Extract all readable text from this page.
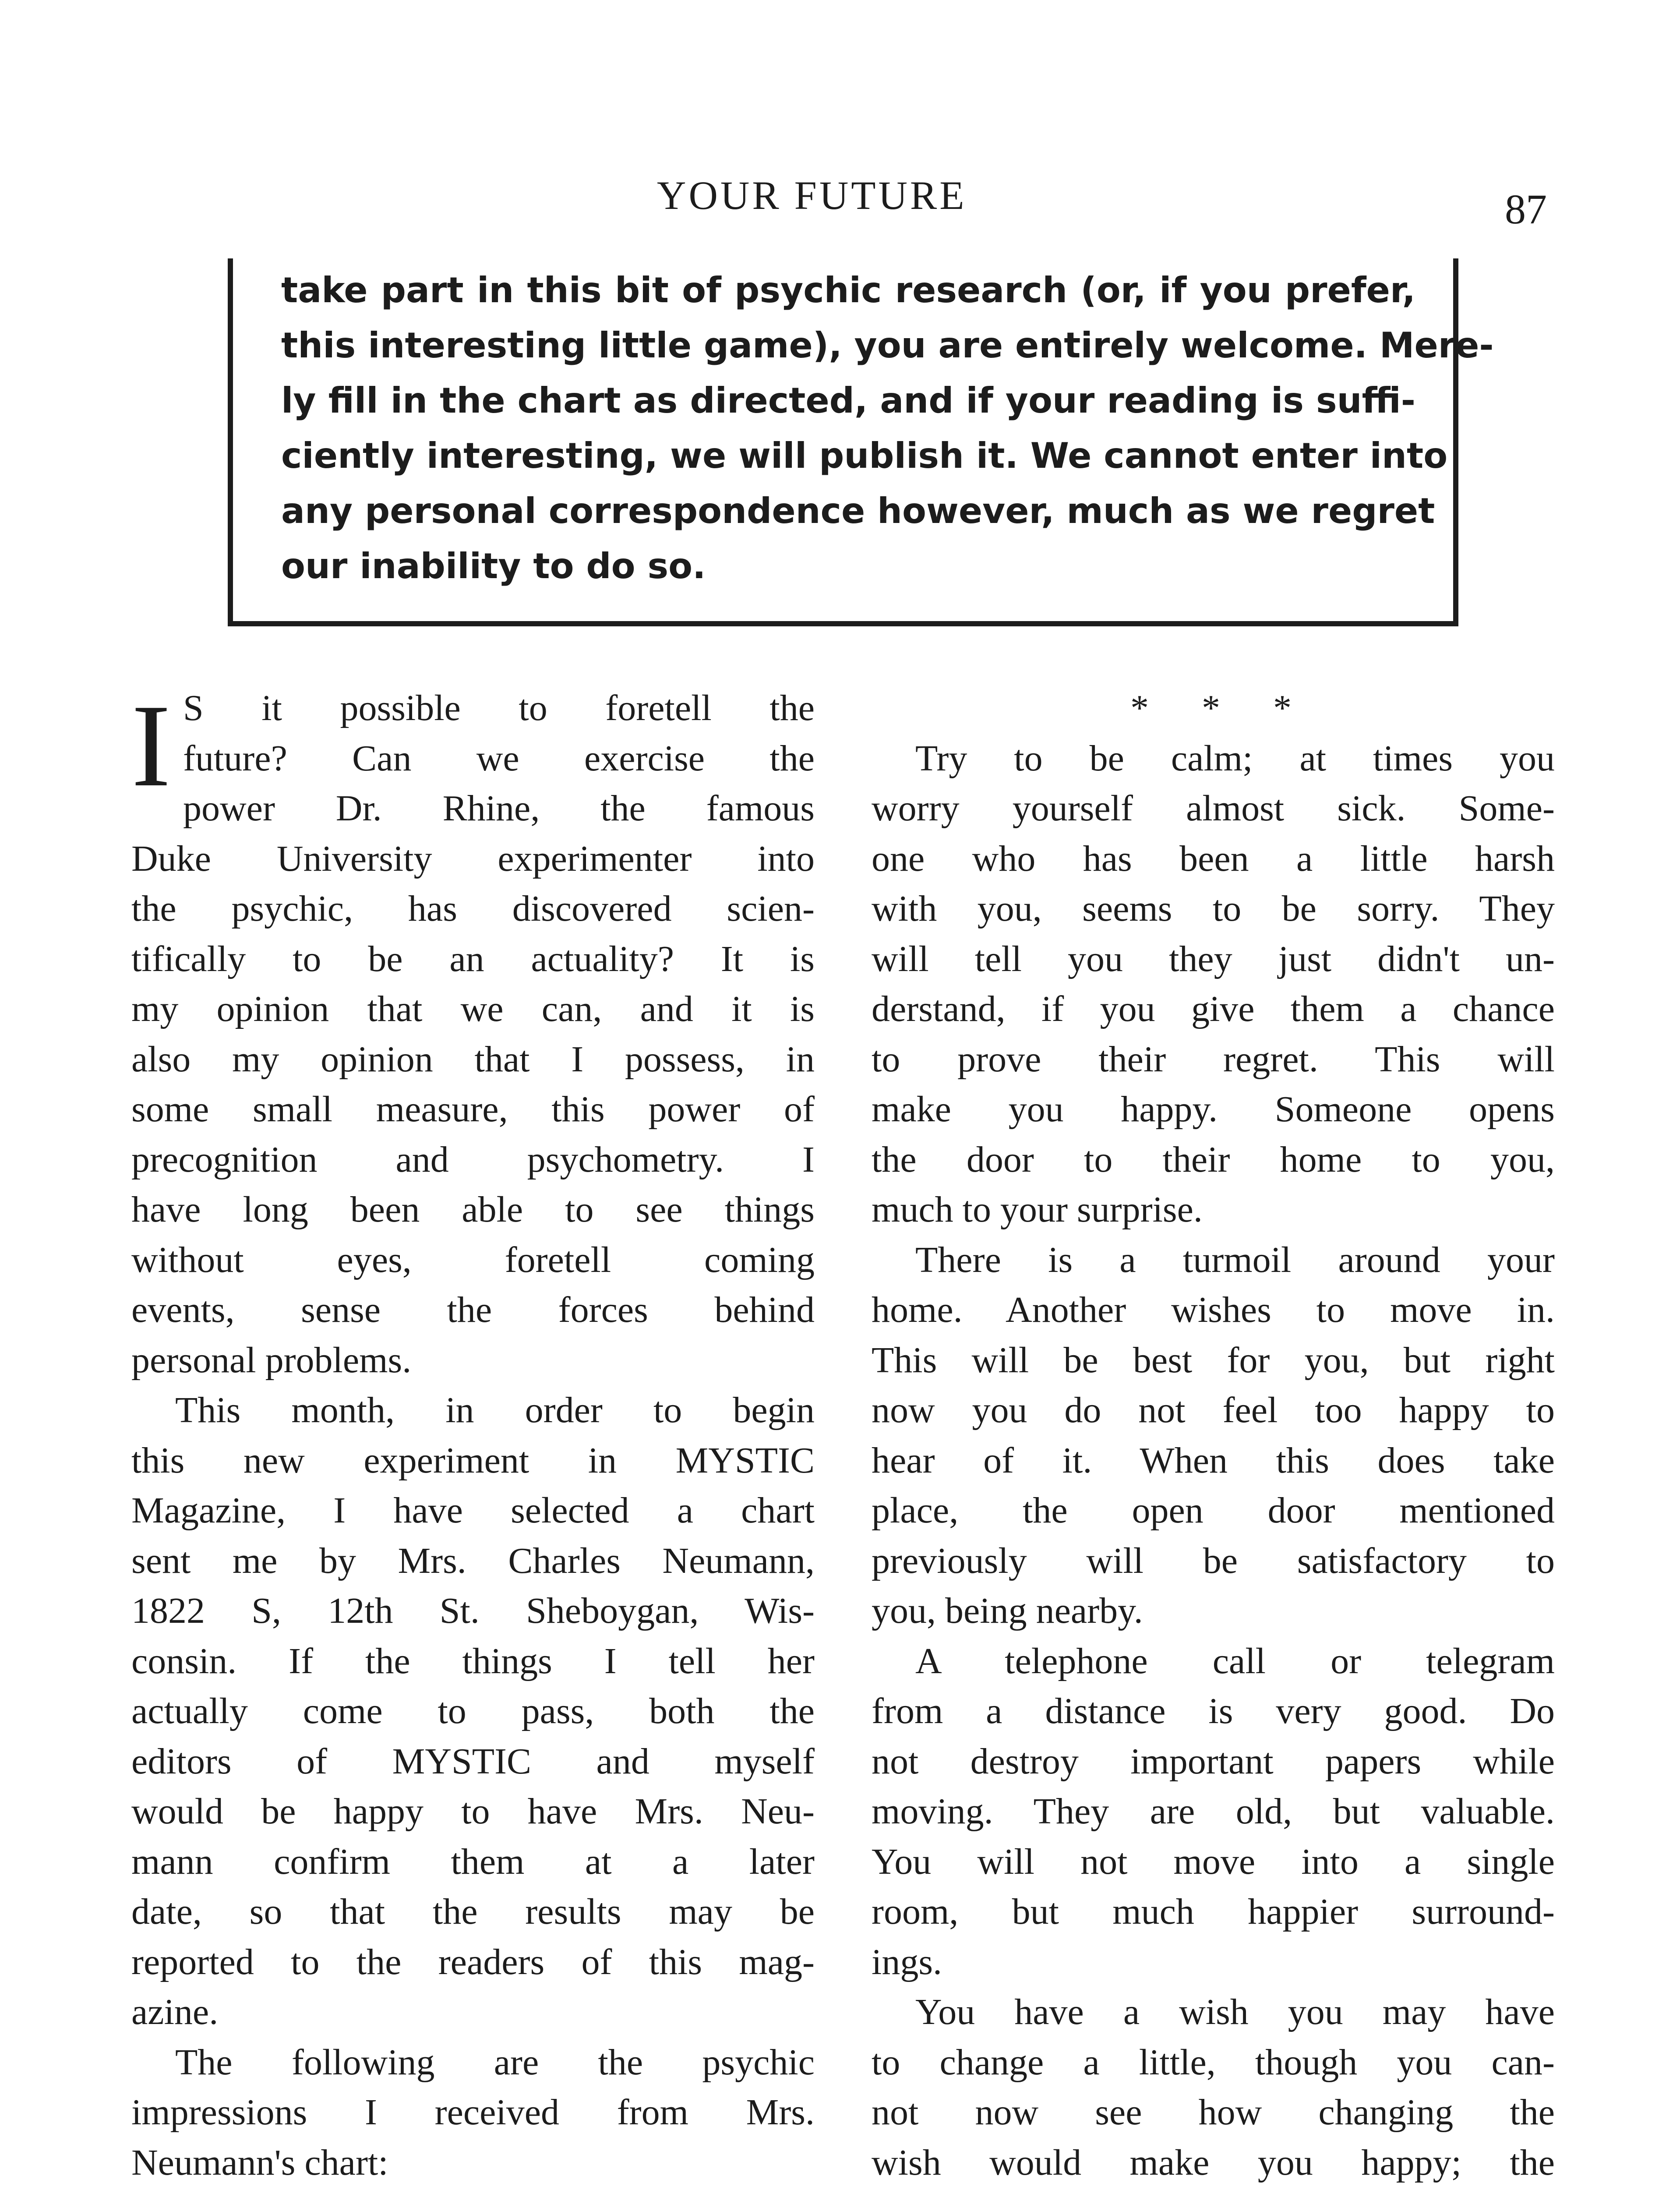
YOUR FUTURE	87
take part in this bit of psychic research (or, if you prefer,
this interesting little game), you are entirely welcome. Mere-
ly fill in the chart as directed, and if your reading is suffi-
ciently interesting, we will publish it. We cannot enter into
any personal correspondence however, much as we regret
our inability to do so.
I S it possible to foretell the
future? Can we exercise the
power Dr. Rhine, the famous
Duke University experimenter into
the psychic, has discovered scien-
tifically to be an actuality? It is
my opinion that we can, and it is
also my opinion that I possess, in
some small measure, this power of
precognition and psychometry. I
have long been able to see things
without eyes, foretell coming
events, sense the forces behind
personal problems.
This month, in order to begin
this new experiment in MYSTIC
Magazine, I have selected a chart
sent me by Mrs. Charles Neumann,
1822 S, 12th St. Sheboygan, Wis-
consin. If the things I tell her
actually come to pass, both the
editors of MYSTIC and myself
would be happy to have Mrs. Neu-
mann confirm them at a later
date, so that the results may be
reported to the readers of this mag-
azine.
The following are the psychic
impressions I received from Mrs.
Neumann's chart:
* * *
Try to be calm; at times you
worry yourself almost sick. Some-
one who has been a little harsh
with you, seems to be sorry. They
will tell you they just didn't un-
derstand, if you give them a chance
to prove their regret. This will
make you happy. Someone opens
the door to their home to you,
much to your surprise.
There is a turmoil around your
home. Another wishes to move in.
This will be best for you, but right
now you do not feel too happy to
hear of it. When this does take
place, the open door mentioned
previously will be satisfactory to
you, being nearby.
A telephone call or telegram
from a distance is very good. Do
not destroy important papers while
moving. They are old, but valuable.
You will not move into a single
room, but much happier surround-
ings.
You have a wish you may have
to change a little, though you can-
not now see how changing the
wish would make you happy; the
